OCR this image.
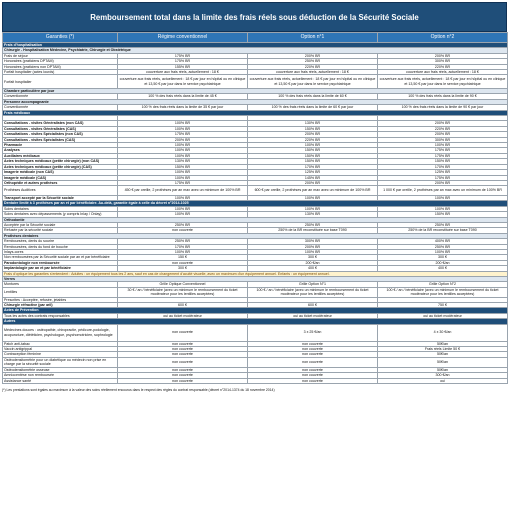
Remboursement total dans la limite des frais réels sous déduction de la Sécurité Sociale
Garanties (*)	Régime conventionnel	Option n°1	Option n°2
Frais d'hospitalisation			
Chirurgie - Hospitalisation Médecine, Psychiatrie, Chirurgie et Obstétrique			
Frais de séjour	175% BR	200% BR	200% BR
Honoraires (praticiens DPTAM)	175% BR	250% BR	300% BR
Honoraires (praticiens non DPTAM)	155% BR	220% BR	220% BR
Forfait hospitalier (actes lourds)	couverture aux frais réels, actuellement : 18 €	couverture aux frais réels, actuellement : 18 €	couverture aux frais réels, actuellement : 18 €
Forfait hospitalier	couverture aux frais réels, actuellement : 18 € par jour en hôpital ou en clinique et 13,50 € par jour dans le service psychiatrique	couverture aux frais réels, actuellement : 18 € par jour en hôpital ou en clinique et 13,50 € par jour dans le service psychiatrique	couverture aux frais réels, actuellement : 18 € par jour en hôpital ou en clinique et 13,50 € par jour dans le service psychiatrique
Chambre particulière par jour			
Conventionnée	100 % des frais réels dans la limite de 45 €	100 % des frais réels dans la limite de 60 €	100 % des frais réels dans la limite de 90 €
Personne accompagnante			
Conventionnée	100 % des frais réels dans la limite de 35 € par jour	100 % des frais réels dans la limite de 60 € par jour	100 % des frais réels dans la limite de 90 € par jour
Frais médicaux			

Consultations - visites Généralistes (non CAS)	100% BR	130% BR	200% BR
Consultations - visites Généralistes (CAS)	100% BR	150% BR	220% BR
Consultations - visites Spécialistes (non CAS)	175% BR	200% BR	200% BR
Consultations - visites Spécialistes (CAS)	200% BR	220% BR	300% BR
Pharmacie	100% BR	100% BR	100% BR
Analyses	100% BR	150% BR	175% BR
Auxiliaires médicaux	100% BR	150% BR	175% BR
Actes techniques médicaux (petite chirurgie) (non CAS)	130% BR	150% BR	150% BR
Actes techniques médicaux (petite chirurgie) (CAS)	150% BR	170% BR	170% BR
Imagerie médicale (non CAS)	100% BR	125% BR	125% BR
Imagerie médicale (CAS)	100% BR	145% BR	175% BR
Orthopédie et autres prothèses	175% BR	200% BR	200% BR
Prothèses Auditives	450 € par oreille, 2 prothèses par an max avec un minimum de 100% BR	600 € par oreille, 2 prothèses par an max avec un minimum de 100% BR	1 000 € par oreille, 2 prothèses par an max avec un minimum de 100% BR
Transport accepté par la Sécurité sociale	100% BR	100% BR	100% BR
Dentaire limité à 3 prothèses par an et par bénéficiaire. Au-delà, garantie égale à celle du décret n°2014-1025			
Soins dentaires	100% BR	100% BR	100% BR
Soins dentaires avec dépassements (y compris Inlay / Onlay)	100% BR	130% BR	150% BR
Orthodontie			
Acceptée par la Sécurité sociale	250% BR	250% BR	250% BR
Refusée par la sécurité sociale	non couverte	250% de la BR reconstituée sur base T090	250% de la BR reconstituée sur base T090
Prothèses dentaires			
Remboursées, dents du sourire	250% BR	300% BR	400% BR
Remboursées, dents du fond de bouche	170% BR	200% BR	250% BR
Inlays-cores	100% BR	100% BR	100% BR
Non remboursées par la Sécurité sociale par an et par bénéficiaire	150 €	300 €	300 €
Parodontologie non remboursée	non couverte	200 €/an	200 €/an
Implantologie par an et par bénéficiaire	300 €	400 €	400 €
Frais d'optique les garanties s'entendent : Adultes : un équipement tous les 2 ans, sauf en cas de changement d'acuité visuelle, avec un maximum d'un équipement annuel. Enfants : un équipement annuel.			
Verres			
Montures	Grille Optique Conventionnel	Grille Option N°1	Grille Option N°2
Lentilles	30 € / an / bénéficiaire (avec un minimum le remboursement du ticket modérateur pour les lentilles acceptées)	100 € / an / bénéficiaire (avec un minimum le remboursement du ticket modérateur pour les lentilles acceptées)	100 € / an / bénéficiaire (avec un minimum le remboursement du ticket modérateur pour les lentilles acceptées)
Prescrites : Acceptée, refusée, jetables			
Chirurgie réfractive (par œil)	600 €	600 €	750 €
Actes de Prévention			
Tous les actes des contrats responsables	oui au ticket modérateur	oui au ticket modérateur	oui au ticket modérateur
Autres			
Médecines douces : ostéopathie, chiropractie, pédicure-podologie, acupuncture, diététicien, psychologue, psychomotricien, sophrologie	non couverte	3 x 25 €/an	4 x 30 €/an
Patch anti-tabac	non couverte	non couverte	50€/an
Vaccin antigrippal	non couverte	non couverte	Frais réels Limite 50 €
Contraception féminine	non couverte	non couverte	50€/an
Ostéodensitométrie pour un diabétique ou médecin non prise en charge par la sécurité sociale	non couverte	non couverte	50€/an
Ostéodensitométrie osseuse	non couverte	non couverte	50€/an
Amniocentèse non remboursée	non couverte	non couverte	300 €/an
Assistance santé	non couverte	non couverte	oui
(*) Les prestations sont égales au maximum à la valeur des soins réellement encourus dans le respect des règles du contrat responsable (décret n°2014-1374 du 18 novembre 2014)
